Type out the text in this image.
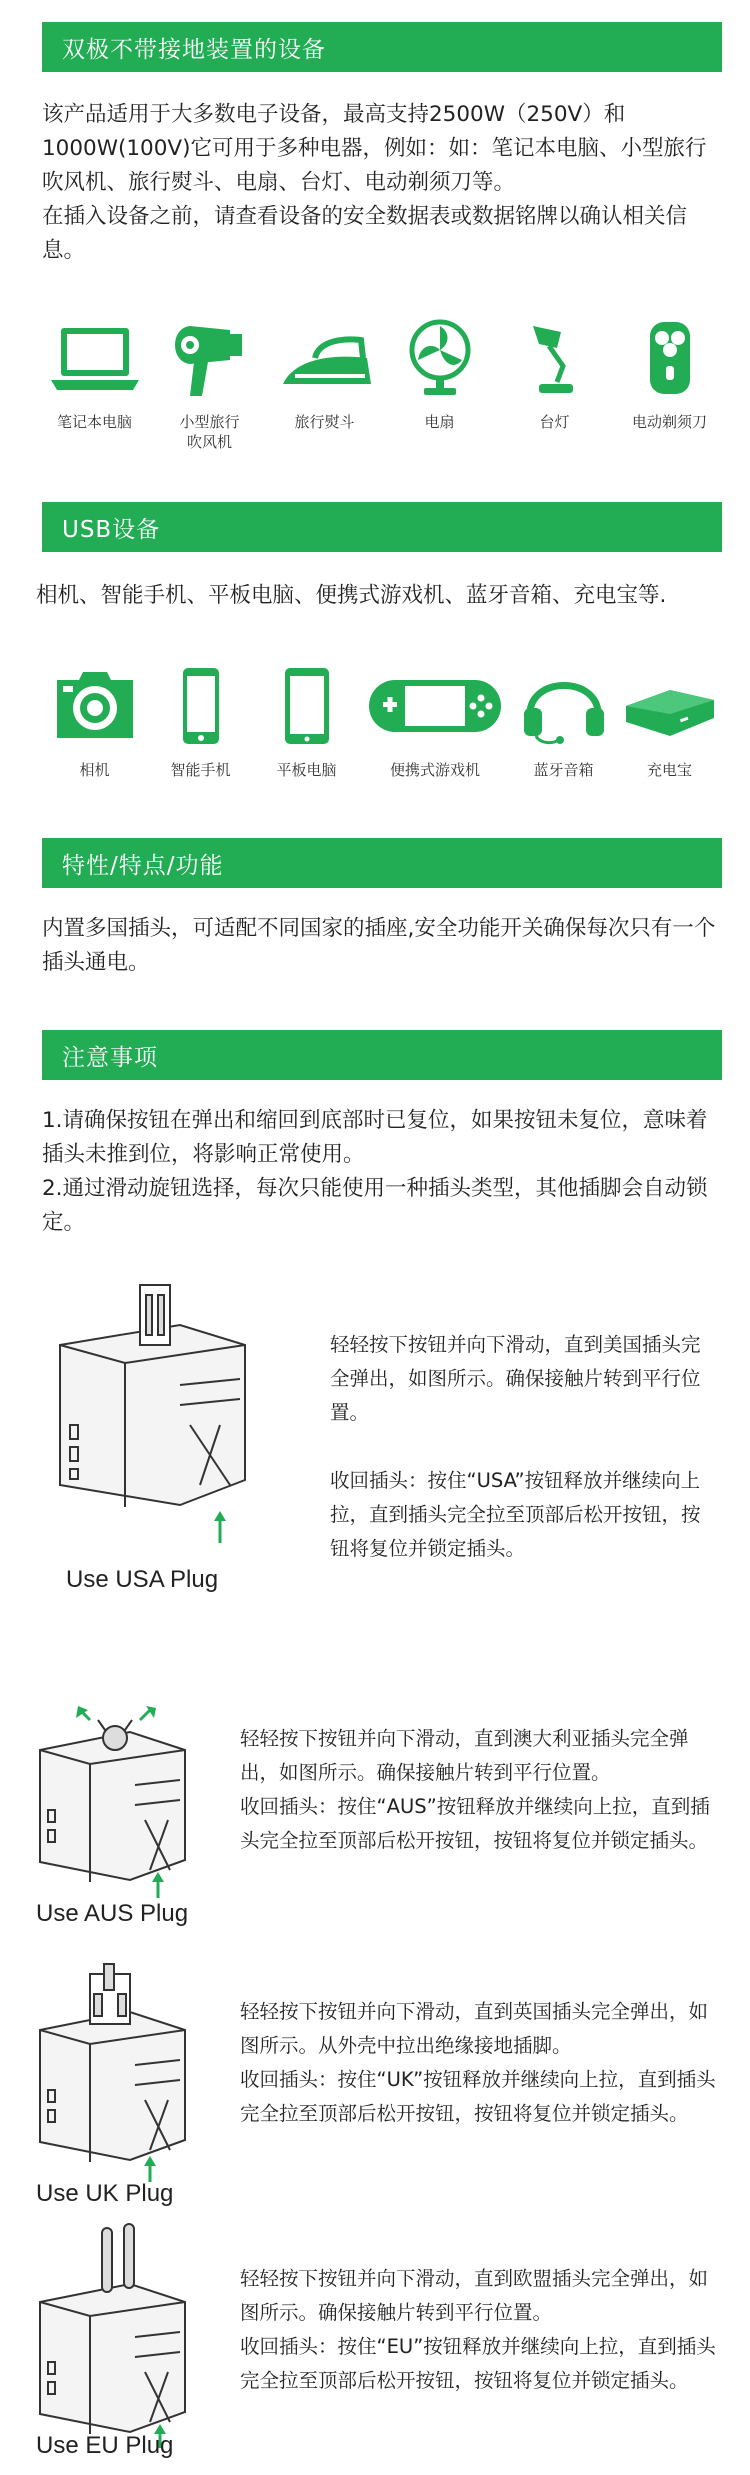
双极不带接地装置的设备

该产品适用于大多数电子设备，最高支持2500W（250V）和1000W(100V)它可用于多种电器，例如：如：笔记本电脑、小型旅行吹风机、旅行熨斗、电扇、台灯、电动剃须刀等。

在插入设备之前，请查看设备的安全数据表或数据铭牌以确认相关信息。

笔记本电脑	小型旅行
吹风机
旅行熨斗	电扇	台灯	电动剃须刀
USB设备
相机、智能手机、平板电脑、便携式游戏机、蓝牙音箱、充电宝等.
相机	智能手机	平板电脑	便携式游戏机	蓝牙音箱	充电宝
特性/特点/功能
内置多国插头，可适配不同国家的插座,安全功能开关确保每次只有一个插头通电。
注意事项

1.请确保按钮在弹出和缩回到底部时已复位，如果按钮未复位，意味着插头未推到位，将影响正常使用。

2.通过滑动旋钮选择，每次只能使用一种插头类型，其他插脚会自动锁定。

Use USA Plug

轻轻按下按钮并向下滑动，直到美国插头完全弹出，如图所示。确保接触片转到平行位置。

收回插头：按住“USA”按钮释放并继续向上拉，直到插头完全拉至顶部后松开按钮，按钮将复位并锁定插头。

Use AUS Plug

轻轻按下按钮并向下滑动，直到澳大利亚插头完全弹出，如图所示。确保接触片转到平行位置。

收回插头：按住“AUS”按钮释放并继续向上拉，直到插头完全拉至顶部后松开按钮，按钮将复位并锁定插头。

Use UK Plug

轻轻按下按钮并向下滑动，直到英国插头完全弹出，如图所示。从外壳中拉出绝缘接地插脚。

收回插头：按住“UK”按钮释放并继续向上拉，直到插头完全拉至顶部后松开按钮，按钮将复位并锁定插头。

Use EU Plug

轻轻按下按钮并向下滑动，直到欧盟插头完全弹出，如图所示。确保接触片转到平行位置。

收回插头：按住“EU”按钮释放并继续向上拉，直到插头完全拉至顶部后松开按钮，按钮将复位并锁定插头。
